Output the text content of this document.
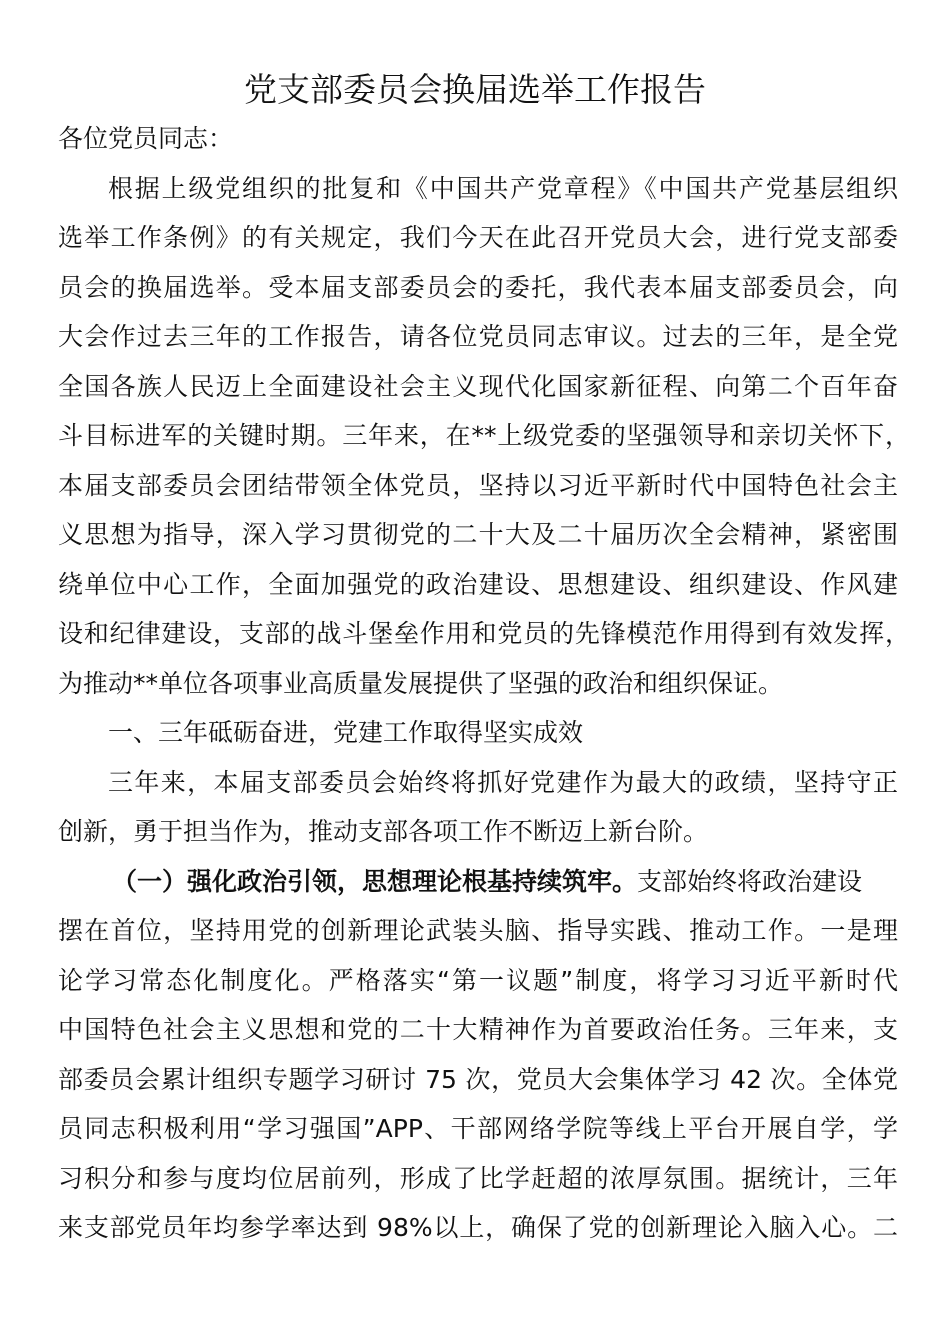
党支部委员会换届选举工作报告
各位党员同志：
根据上级党组织的批复和《中国共产党章程》《中国共产党基层组织
选举工作条例》的有关规定，我们今天在此召开党员大会，进行党支部委
员会的换届选举。受本届支部委员会的委托，我代表本届支部委员会，向
大会作过去三年的工作报告，请各位党员同志审议。过去的三年，是全党
全国各族人民迈上全面建设社会主义现代化国家新征程、向第二个百年奋
斗目标进军的关键时期。三年来，在**上级党委的坚强领导和亲切关怀下，
本届支部委员会团结带领全体党员，坚持以习近平新时代中国特色社会主
义思想为指导，深入学习贯彻党的二十大及二十届历次全会精神，紧密围
绕单位中心工作，全面加强党的政治建设、思想建设、组织建设、作风建
设和纪律建设，支部的战斗堡垒作用和党员的先锋模范作用得到有效发挥，
为推动**单位各项事业高质量发展提供了坚强的政治和组织保证。
一、三年砥砺奋进，党建工作取得坚实成效
三年来，本届支部委员会始终将抓好党建作为最大的政绩，坚持守正
创新，勇于担当作为，推动支部各项工作不断迈上新台阶。
（一）强化政治引领，思想理论根基持续筑牢。支部始终将政治建设
摆在首位，坚持用党的创新理论武装头脑、指导实践、推动工作。一是理
论学习常态化制度化。严格落实“第一议题”制度，将学习习近平新时代
中国特色社会主义思想和党的二十大精神作为首要政治任务。三年来，支
部委员会累计组织专题学习研讨 75 次，党员大会集体学习 42 次。全体党
员同志积极利用“学习强国”APP、干部网络学院等线上平台开展自学，学
习积分和参与度均位居前列，形成了比学赶超的浓厚氛围。据统计，三年
来支部党员年均参学率达到 98%以上，确保了党的创新理论入脑入心。二
